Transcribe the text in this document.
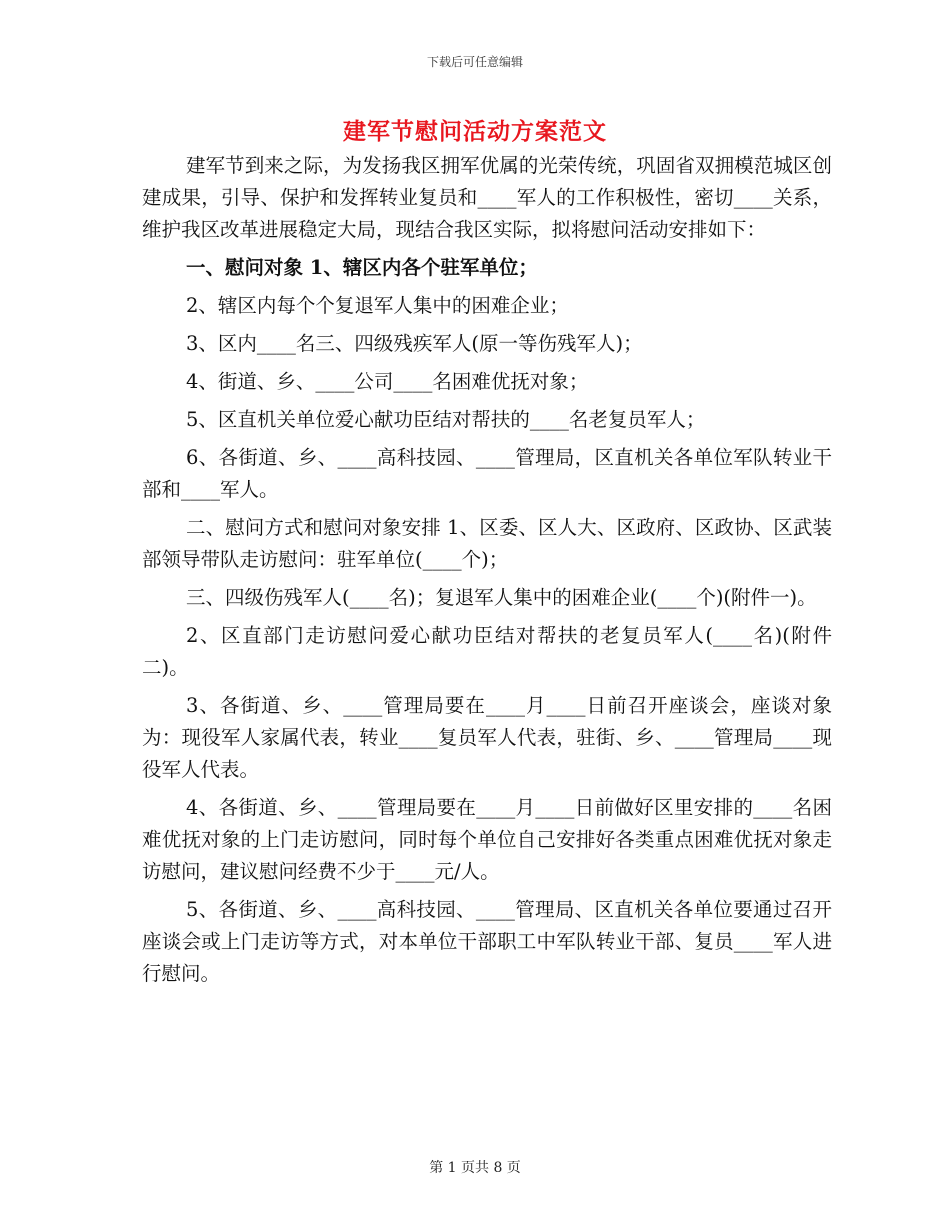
下载后可任意编辑
建军节慰问活动方案范文

建军节到来之际，为发扬我区拥军优属的光荣传统，巩固省双拥模范城区创建成果，引导、保护和发挥转业复员和____军人的工作积极性，密切____关系，维护我区改革进展稳定大局，现结合我区实际，拟将慰问活动安排如下：

一、慰问对象 1、辖区内各个驻军单位；

2、辖区内每个个复退军人集中的困难企业；

3、区内____名三、四级残疾军人(原一等伤残军人)；

4、街道、乡、____公司____名困难优抚对象；

5、区直机关单位爱心献功臣结对帮扶的____名老复员军人；

6、各街道、乡、____高科技园、____管理局，区直机关各单位军队转业干部和____军人。

二、慰问方式和慰问对象安排 1、区委、区人大、区政府、区政协、区武装部领导带队走访慰问：驻军单位(____个)；

三、四级伤残军人(____名)；复退军人集中的困难企业(____个)(附件一)。

2、区直部门走访慰问爱心献功臣结对帮扶的老复员军人(____名)(附件二)。

3、各街道、乡、____管理局要在____月____日前召开座谈会，座谈对象为：现役军人家属代表，转业____复员军人代表，驻街、乡、____管理局____现役军人代表。

4、各街道、乡、____管理局要在____月____日前做好区里安排的____名困难优抚对象的上门走访慰问，同时每个单位自己安排好各类重点困难优抚对象走访慰问，建议慰问经费不少于____元/人。

5、各街道、乡、____高科技园、____管理局、区直机关各单位要通过召开座谈会或上门走访等方式，对本单位干部职工中军队转业干部、复员____军人进行慰问。

第 1 页共 8 页
